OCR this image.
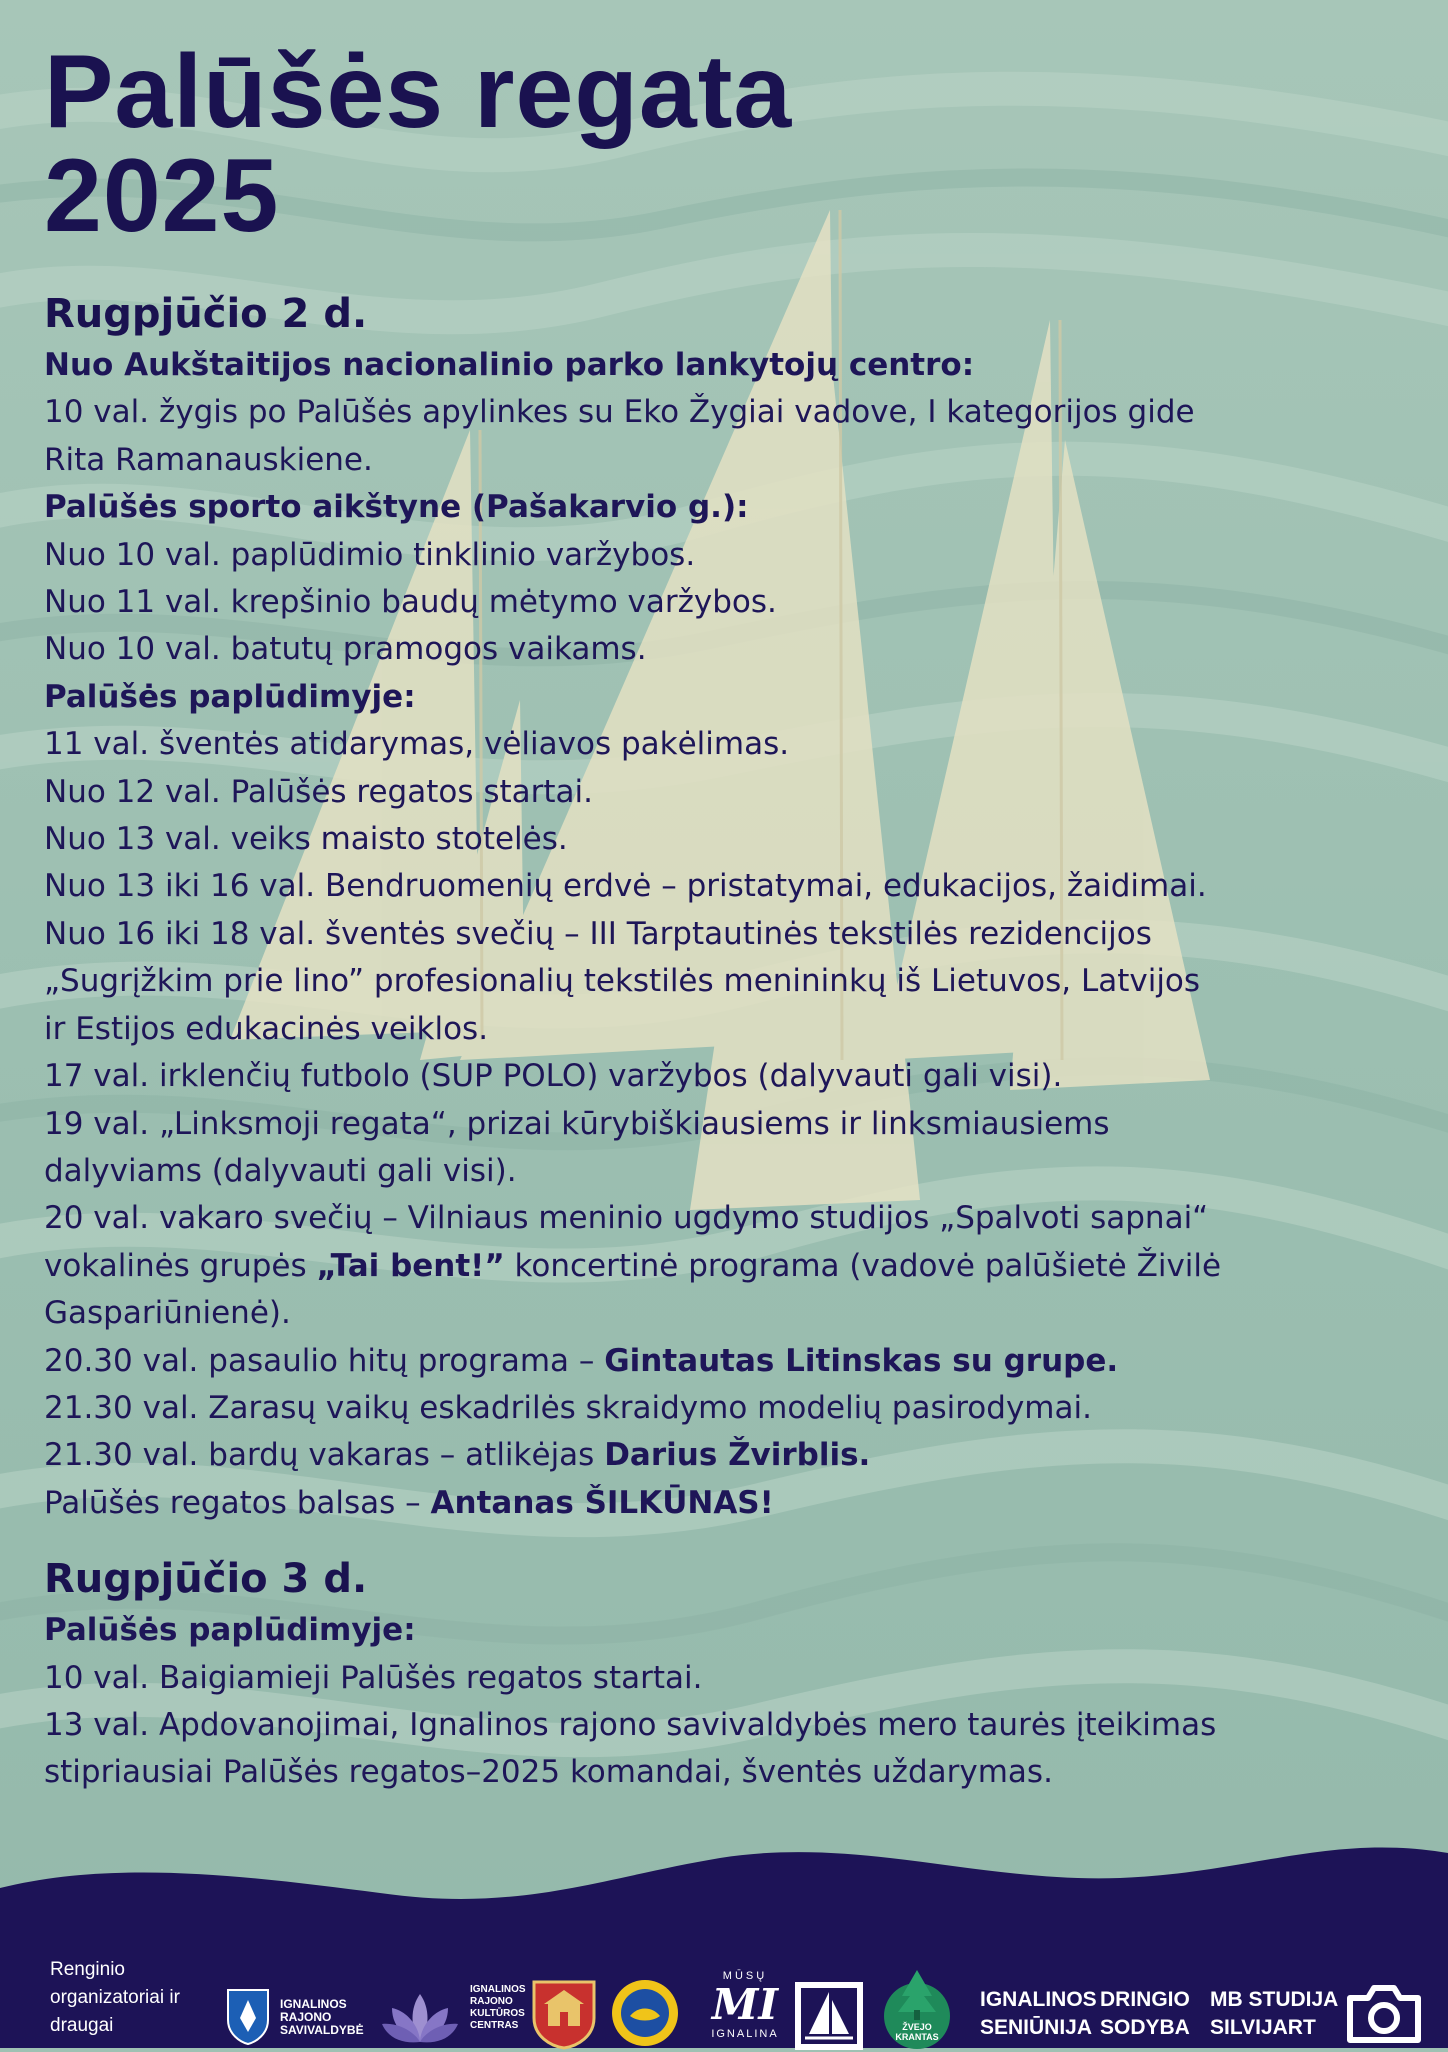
Palūšės regata
2025
Rugpjūčio 2 d.
Nuo Aukštaitijos nacionalinio parko lankytojų centro:
10 val. žygis po Palūšės apylinkes su Eko Žygiai vadove, I kategorijos gide
Rita Ramanauskiene.
Palūšės sporto aikštyne (Pašakarvio g.):
Nuo 10 val. paplūdimio tinklinio varžybos.
Nuo 11 val. krepšinio baudų mėtymo varžybos.
Nuo 10 val. batutų pramogos vaikams.
Palūšės paplūdimyje:
11 val. šventės atidarymas, vėliavos pakėlimas.
Nuo 12 val. Palūšės regatos startai.
Nuo 13 val. veiks maisto stotelės.
Nuo 13 iki 16 val. Bendruomenių erdvė – pristatymai, edukacijos, žaidimai.
Nuo 16 iki 18 val. šventės svečių – III Tarptautinės tekstilės rezidencijos
„Sugrįžkim prie lino” profesionalių tekstilės menininkų iš Lietuvos, Latvijos
ir Estijos edukacinės veiklos.
17 val. irklenčių futbolo (SUP POLO) varžybos (dalyvauti gali visi).
19 val. „Linksmoji regata“, prizai kūrybiškiausiems ir linksmiausiems
dalyviams (dalyvauti gali visi).
20 val. vakaro svečių – Vilniaus meninio ugdymo studijos „Spalvoti sapnai“
vokalinės grupės „Tai bent!” koncertinė programa (vadovė palūšietė Živilė
Gaspariūnienė).
20.30 val. pasaulio hitų programa – Gintautas Litinskas su grupe.
21.30 val. Zarasų vaikų eskadrilės skraidymo modelių pasirodymai.
21.30 val. bardų vakaras – atlikėjas Darius Žvirblis.
Palūšės regatos balsas – Antanas ŠILKŪNAS!
Rugpjūčio 3 d.
Palūšės paplūdimyje:
10 val. Baigiamieji Palūšės regatos startai.
13 val. Apdovanojimai, Ignalinos rajono savivaldybės mero taurės įteikimas
stipriausiai Palūšės regatos–2025 komandai, šventės uždarymas.
Renginio
organizatoriai ir
draugai
IGNALINOS
RAJONO
SAVIVALDYBĖ
IGNALINOS
RAJONO
KULTŪROS
CENTRAS
MŪSŲ
MI
IGNALINA
ŽVEJO
KRANTAS
IGNALINOS
SENIŪNIJA
DRINGIO
SODYBA
MB STUDIJA
SILVIJART
